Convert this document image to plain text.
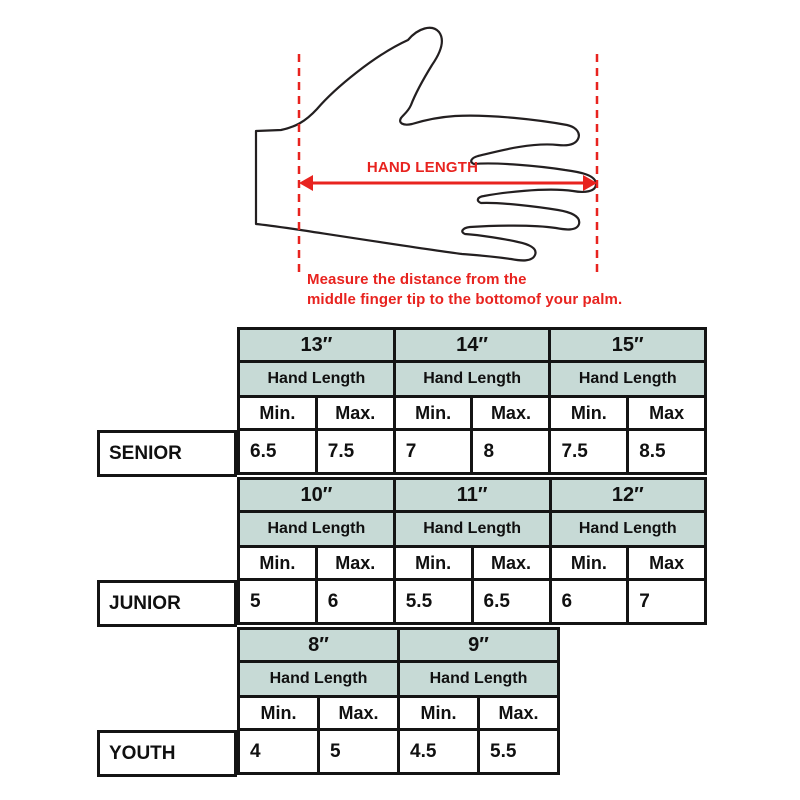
HAND LENGTH
Measure the distance from the
middle finger tip to the bottomof your palm.
SENIOR
13″		14″		15″	
Hand Length		Hand Length		Hand Length	
Min.	Max.	Min.	Max.	Min.	Max
6.5	7.5	7	8	7.5	8.5
JUNIOR
10″		11″		12″	
Hand Length		Hand Length		Hand Length	
Min.	Max.	Min.	Max.	Min.	Max
5	6	5.5	6.5	6	7
YOUTH
8″		9″	
Hand Length		Hand Length	
Min.	Max.	Min.	Max.
4	5	4.5	5.5
